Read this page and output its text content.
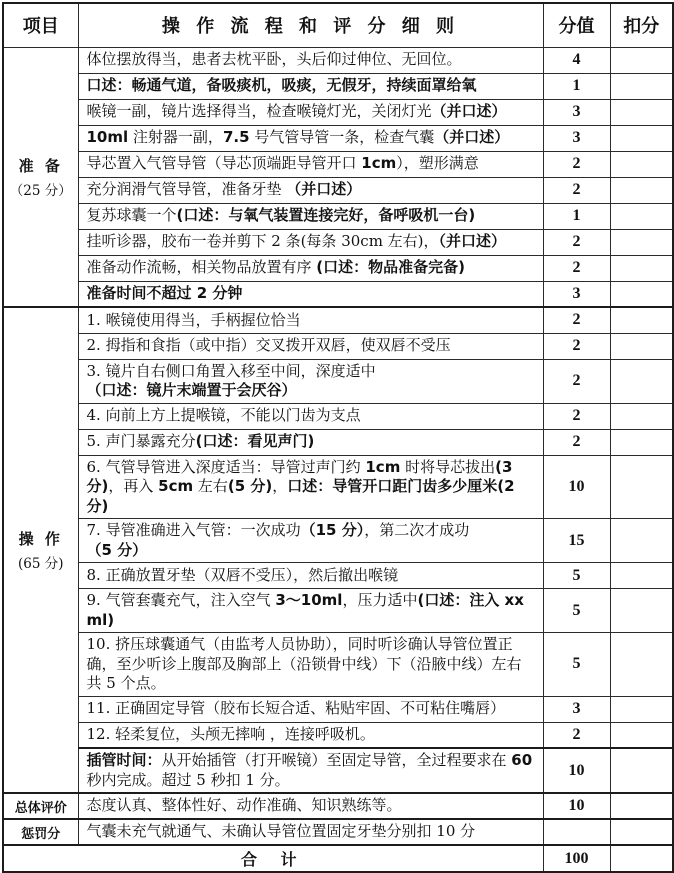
项目	操 作 流 程 和 评 分 细 则	分值	扣分

准 备
（25 分）	体位摆放得当，患者去枕平卧，头后仰过伸位、无回位。	4	
	口述：畅通气道，备吸痰机，吸痰，无假牙，持续面罩给氧	1	
	喉镜一副，镜片选择得当，检查喉镜灯光，关闭灯光（并口述）	3	
	10ml 注射器一副，7.5 号气管导管一条，检查气囊（并口述）	3	
	导芯置入气管导管（导芯顶端距导管开口 1cm），塑形满意	2	
	充分润滑气管导管，准备牙垫 （并口述）	2	
	复苏球囊一个(口述：与氧气装置连接完好，备呼吸机一台)	1	
	挂听诊器，胶布一卷并剪下 2 条(每条 30cm 左右)，（并口述）	2	
	准备动作流畅，相关物品放置有序 (口述：物品准备完备)	2	
	准备时间不超过 2 分钟	3	

操 作
(65 分)	1. 喉镜使用得当，手柄握位恰当	2	
	2. 拇指和食指（或中指）交叉拨开双唇，使双唇不受压	2	
	3. 镜片自右侧口角置入移至中间，深度适中
（口述：镜片末端置于会厌谷）	2	
	4. 向前上方上提喉镜，不能以门齿为支点	2	
	5. 声门暴露充分(口述：看见声门)	2	
	6. 气管导管进入深度适当：导管过声门约 1cm 时将导芯拔出(3 分)，再入 5cm 左右(5 分)，口述：导管开口距门齿多少厘米(2 分)	10	
	7. 导管准确进入气管：一次成功（15 分），第二次才成功 （5 分）	15	
	8. 正确放置牙垫（双唇不受压），然后撤出喉镜	5	
	9. 气管套囊充气，注入空气 3～10ml，压力适中(口述：注入 xxml)	5	
	10. 挤压球囊通气（由监考人员协助），同时听诊确认导管位置正确，至少听诊上腹部及胸部上（沿锁骨中线）下（沿腋中线）左右共 5 个点。	5	
	11. 正确固定导管（胶布长短合适、粘贴牢固、不可粘住嘴唇）	3	
	12. 轻柔复位，头颅无摔响 ，连接呼吸机。	2	
	插管时间：从开始插管（打开喉镜）至固定导管，全过程要求在 60 秒内完成。超过 5 秒扣 1 分。	10	
总体评价	态度认真、整体性好、动作准确、知识熟练等。	10	
惩罚分	气囊未充气就通气、未确认导管位置固定牙垫分别扣 10 分		
合 计		100	
